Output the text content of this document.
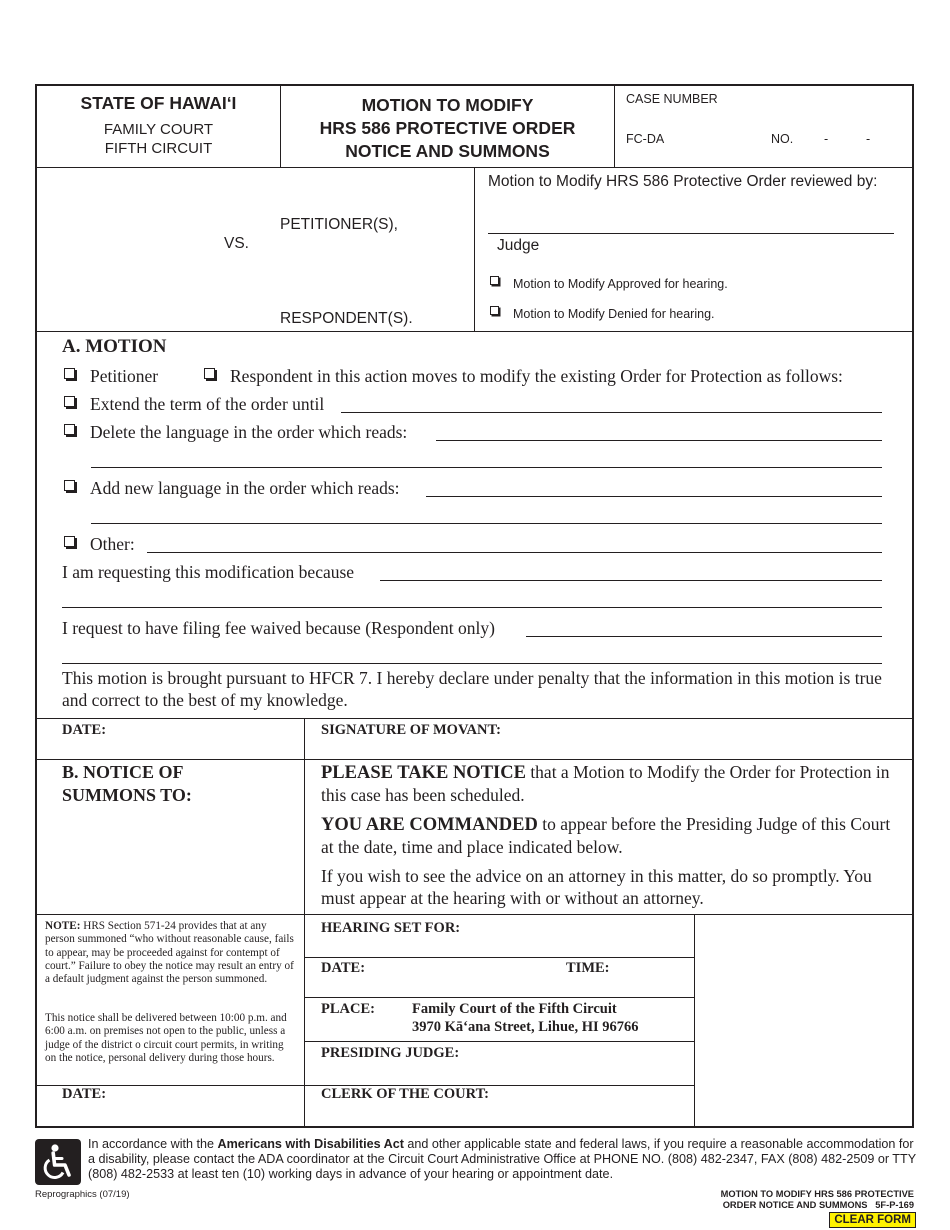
STATE OF HAWAI‘I
FAMILY COURT
FIFTH CIRCUIT
MOTION TO MODIFY
HRS 586 PROTECTIVE ORDER
NOTICE AND SUMMONS
CASE NUMBER
FC-DA	NO. -	-
PETITIONER(S),
VS.
RESPONDENT(S).
Motion to Modify HRS 586 Protective Order reviewed by:
Judge
Motion to Modify Approved for hearing.
Motion to Modify Denied for hearing.
A. MOTION
Petitioner	Respondent in this action moves to modify the existing Order for Protection as follows:
Extend the term of the order until
Delete the language in the order which reads:
Add new language in the order which reads:
Other:
I am requesting this modification because
I request to have filing fee waived because (Respondent only)
This motion is brought pursuant to HFCR 7. I hereby declare under penalty that the information in this motion is true and correct to the best of my knowledge.
DATE:	SIGNATURE OF MOVANT:
B. NOTICE OF
SUMMONS TO:
PLEASE TAKE NOTICE that a Motion to Modify the Order for Protection in this case has been scheduled.
YOU ARE COMMANDED to appear before the Presiding Judge of this Court at the date, time and place indicated below.
If you wish to see the advice on an attorney in this matter, do so promptly. You must appear at the hearing with or without an attorney.
NOTE: HRS Section 571-24 provides that at any person summoned “who without reasonable cause, fails to appear, may be proceeded against for contempt of court.” Failure to obey the notice may result an entry of a default judgment against the person summoned.
This notice shall be delivered between 10:00 p.m. and 6:00 a.m. on premises not open to the public, unless a judge of the district o circuit court permits, in writing on the notice, personal delivery during those hours.
HEARING SET FOR:
DATE:	TIME:
PLACE:	Family Court of the Fifth Circuit
3970 Kāʻana Street, Lihue, HI 96766
PRESIDING JUDGE:
DATE:	CLERK OF THE COURT:
In accordance with the Americans with Disabilities Act and other applicable state and federal laws, if you require a reasonable accommodation for a disability, please contact the ADA coordinator at the Circuit Court Administrative Office at PHONE NO. (808) 482-2347, FAX (808) 482-2509 or TTY (808) 482-2533 at least ten (10) working days in advance of your hearing or appointment date.
Reprographics (07/19)	MOTION TO MODIFY HRS 586 PROTECTIVE
ORDER NOTICE AND SUMMONS   5F-P-169
CLEAR FORM
